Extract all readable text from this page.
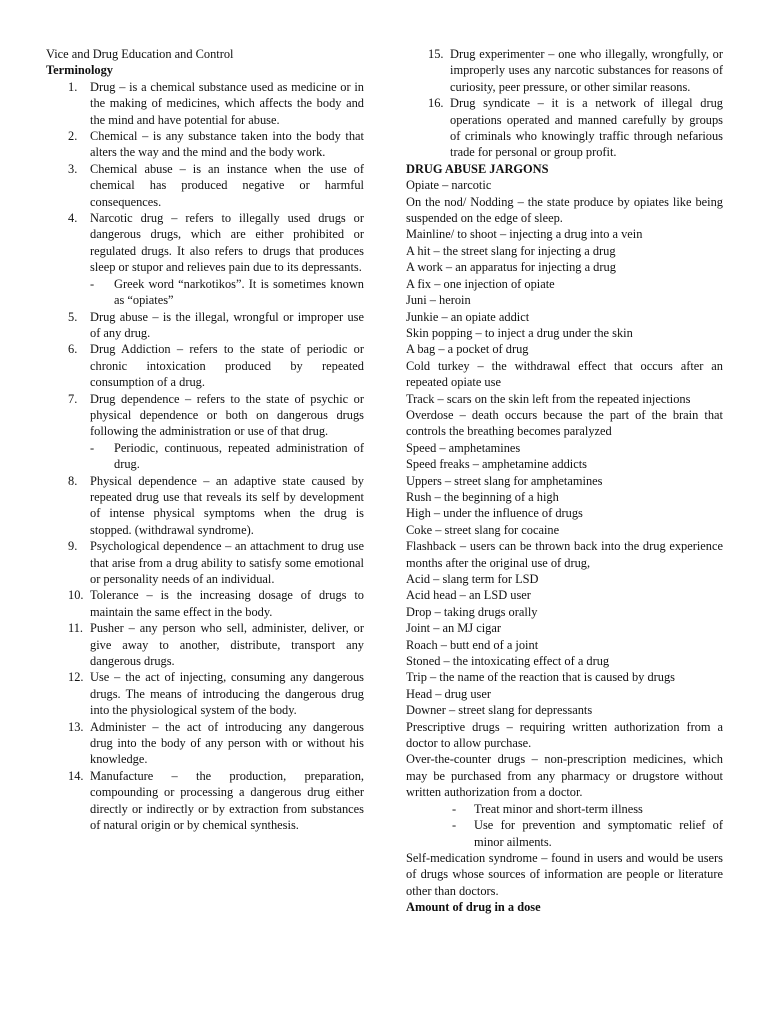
Vice and Drug Education and Control
Terminology
1. Drug – is a chemical substance used as medicine or in the making of medicines, which affects the body and the mind and have potential for abuse.
2. Chemical – is any substance taken into the body that alters the way and the mind and the body work.
3. Chemical abuse – is an instance when the use of chemical has produced negative or harmful consequences.
4. Narcotic drug – refers to illegally used drugs or dangerous drugs, which are either prohibited or regulated drugs. It also refers to drugs that produces sleep or stupor and relieves pain due to its depressants.
- Greek word “narkotikos”. It is sometimes known as “opiates”
5. Drug abuse – is the illegal, wrongful or improper use of any drug.
6. Drug Addiction – refers to the state of periodic or chronic intoxication produced by repeated consumption of a drug.
7. Drug dependence – refers to the state of psychic or physical dependence or both on dangerous drugs following the administration or use of that drug.
- Periodic, continuous, repeated administration of drug.
8. Physical dependence – an adaptive state caused by repeated drug use that reveals its self by development of intense physical symptoms when the drug is stopped. (withdrawal syndrome).
9. Psychological dependence – an attachment to drug use that arise from a drug ability to satisfy some emotional or personality needs of an individual.
10. Tolerance – is the increasing dosage of drugs to maintain the same effect in the body.
11. Pusher – any person who sell, administer, deliver, or give away to another, distribute, transport any dangerous drugs.
12. Use – the act of injecting, consuming any dangerous drugs. The means of introducing the dangerous drug into the physiological system of the body.
13. Administer – the act of introducing any dangerous drug into the body of any person with or without his knowledge.
14. Manufacture – the production, preparation, compounding or processing a dangerous drug either directly or indirectly or by extraction from substances of natural origin or by chemical synthesis.
15. Drug experimenter – one who illegally, wrongfully, or improperly uses any narcotic substances for reasons of curiosity, peer pressure, or other similar reasons.
16. Drug syndicate – it is a network of illegal drug operations operated and manned carefully by groups of criminals who knowingly traffic through nefarious trade for personal or group profit.
DRUG ABUSE JARGONS
Opiate – narcotic
On the nod/ Nodding – the state produce by opiates like being suspended on the edge of sleep.
Mainline/ to shoot – injecting a drug into a vein
A hit – the street slang for injecting a drug
A work – an apparatus for injecting a drug
A fix – one injection of opiate
Juni – heroin
Junkie – an opiate addict
Skin popping – to inject a drug under the skin
A bag – a pocket of drug
Cold turkey – the withdrawal effect that occurs after an repeated opiate use
Track – scars on the skin left from the repeated injections
Overdose – death occurs because the part of the brain that controls the breathing becomes paralyzed
Speed – amphetamines
Speed freaks – amphetamine addicts
Uppers – street slang for amphetamines
Rush – the beginning of a high
High – under the influence of drugs
Coke – street slang for cocaine
Flashback – users can be thrown back into the drug experience months after the original use of drug,
Acid – slang term for LSD
Acid head – an LSD user
Drop – taking drugs orally
Joint – an MJ cigar
Roach – butt end of a joint
Stoned – the intoxicating effect of a drug
Trip – the name of the reaction that is caused by drugs
Head – drug user
Downer – street slang for depressants
Prescriptive drugs – requiring written authorization from a doctor to allow purchase.
Over-the-counter drugs – non-prescription medicines, which may be purchased from any pharmacy or drugstore without written authorization from a doctor.
- Treat minor and short-term illness
- Use for prevention and symptomatic relief of minor ailments.
Self-medication syndrome – found in users and would be users of drugs whose sources of information are people or literature other than doctors.
Amount of drug in a dose
